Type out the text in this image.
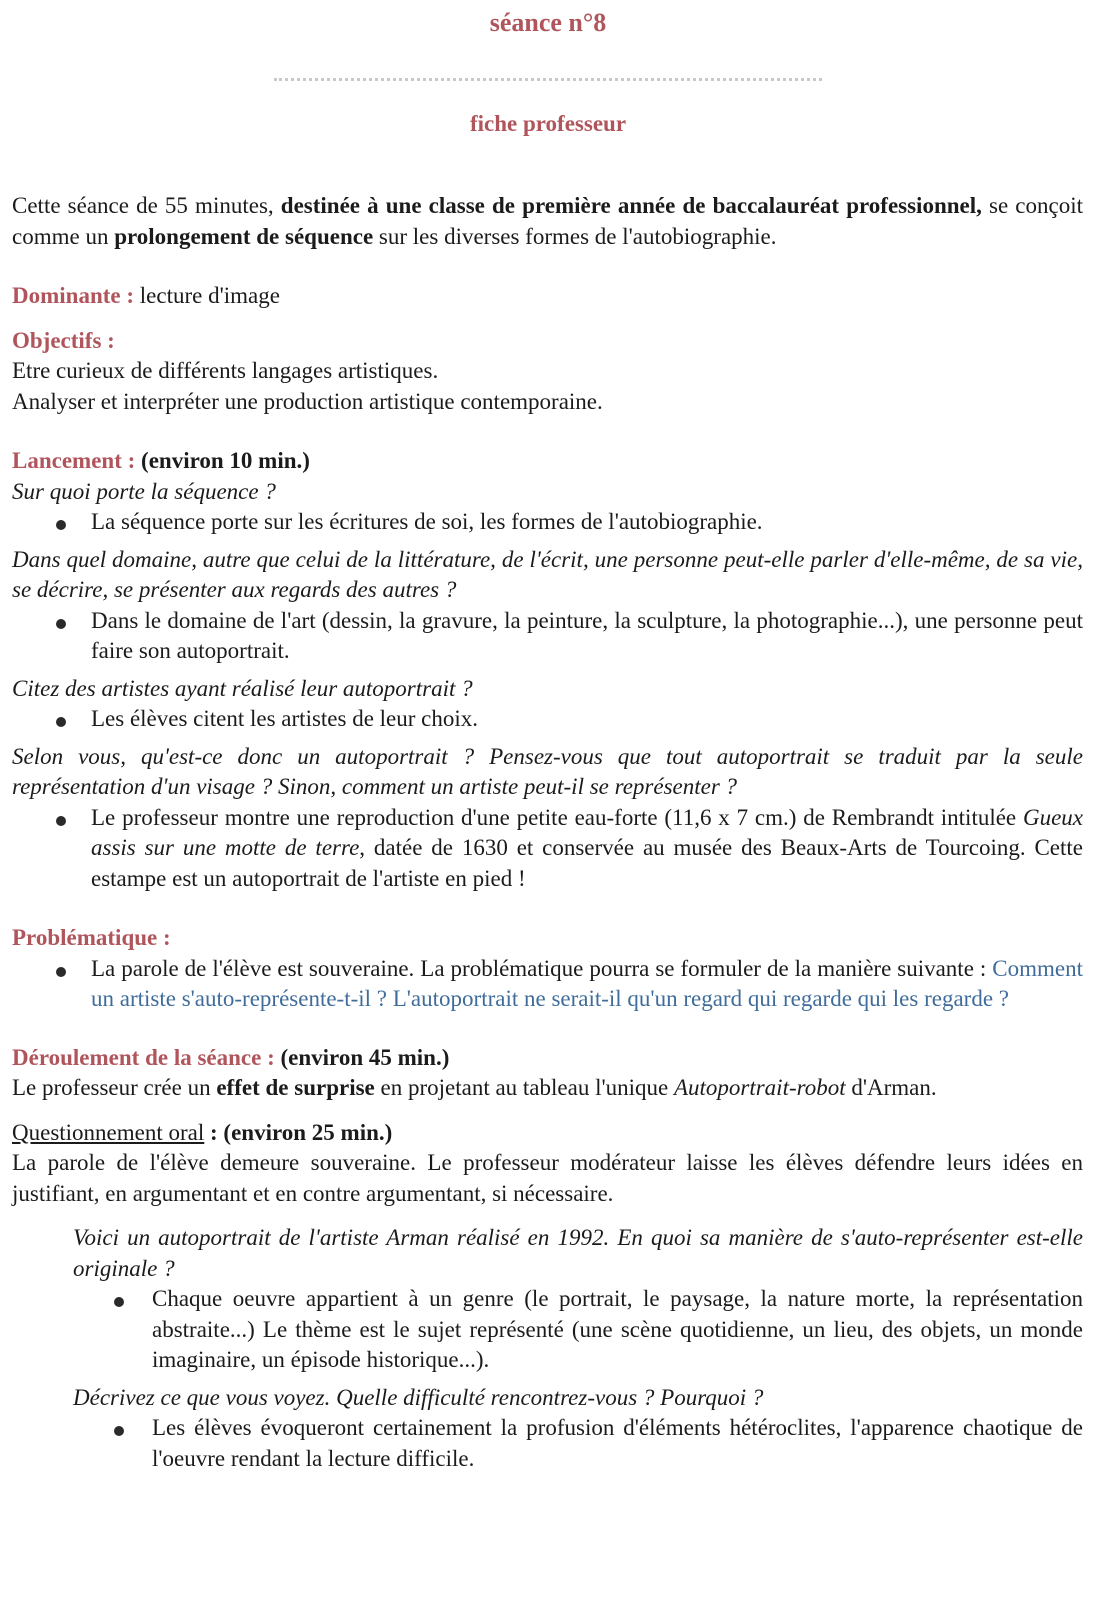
séance n°8
fiche professeur

Cette séance de 55 minutes, destinée à une classe de première année de baccalauréat professionnel, se conçoit comme un prolongement de séquence sur les diverses formes de l'autobiographie.

Dominante : lecture d'image

Objectifs :

Etre curieux de différents langages artistiques.

Analyser et interpréter une production artistique contemporaine.

Lancement : (environ 10 min.)

Sur quoi porte la séquence ?

La séquence porte sur les écritures de soi, les formes de l'autobiographie.

Dans quel domaine, autre que celui de la littérature, de l'écrit, une personne peut-elle parler d'elle-même, de sa vie, se décrire, se présenter aux regards des autres ?

Dans le domaine de l'art (dessin, la gravure, la peinture, la sculpture, la photographie...), une personne peut faire son autoportrait.

Citez des artistes ayant réalisé leur autoportrait ?

Les élèves citent les artistes de leur choix.

Selon vous, qu'est-ce donc un autoportrait ? Pensez-vous que tout autoportrait se traduit par la seule représentation d'un visage ? Sinon, comment un artiste peut-il se représenter ?

Le professeur montre une reproduction d'une petite eau-forte (11,6 x 7 cm.) de Rembrandt intitulée Gueux assis sur une motte de terre, datée de 1630 et conservée au musée des Beaux-Arts de Tourcoing. Cette estampe est un autoportrait de l'artiste en pied !

Problématique :

La parole de l'élève est souveraine. La problématique pourra se formuler de la manière suivante : Comment un artiste s'auto-représente-t-il ? L'autoportrait ne serait-il qu'un regard qui regarde qui les regarde ?

Déroulement de la séance : (environ 45 min.)

Le professeur crée un effet de surprise en projetant au tableau l'unique Autoportrait-robot d'Arman.

Questionnement oral : (environ 25 min.)

La parole de l'élève demeure souveraine. Le professeur modérateur laisse les élèves défendre leurs idées en justifiant, en argumentant et en contre argumentant, si nécessaire.

Voici un autoportrait de l'artiste Arman réalisé en 1992. En quoi sa manière de s'auto-représenter est-elle originale ?

Chaque oeuvre appartient à un genre (le portrait, le paysage, la nature morte, la représentation abstraite...) Le thème est le sujet représenté (une scène quotidienne, un lieu, des objets, un monde imaginaire, un épisode historique...).

Décrivez ce que vous voyez. Quelle difficulté rencontrez-vous ? Pourquoi ?

Les élèves évoqueront certainement la profusion d'éléments hétéroclites, l'apparence chaotique de l'oeuvre rendant la lecture difficile.
